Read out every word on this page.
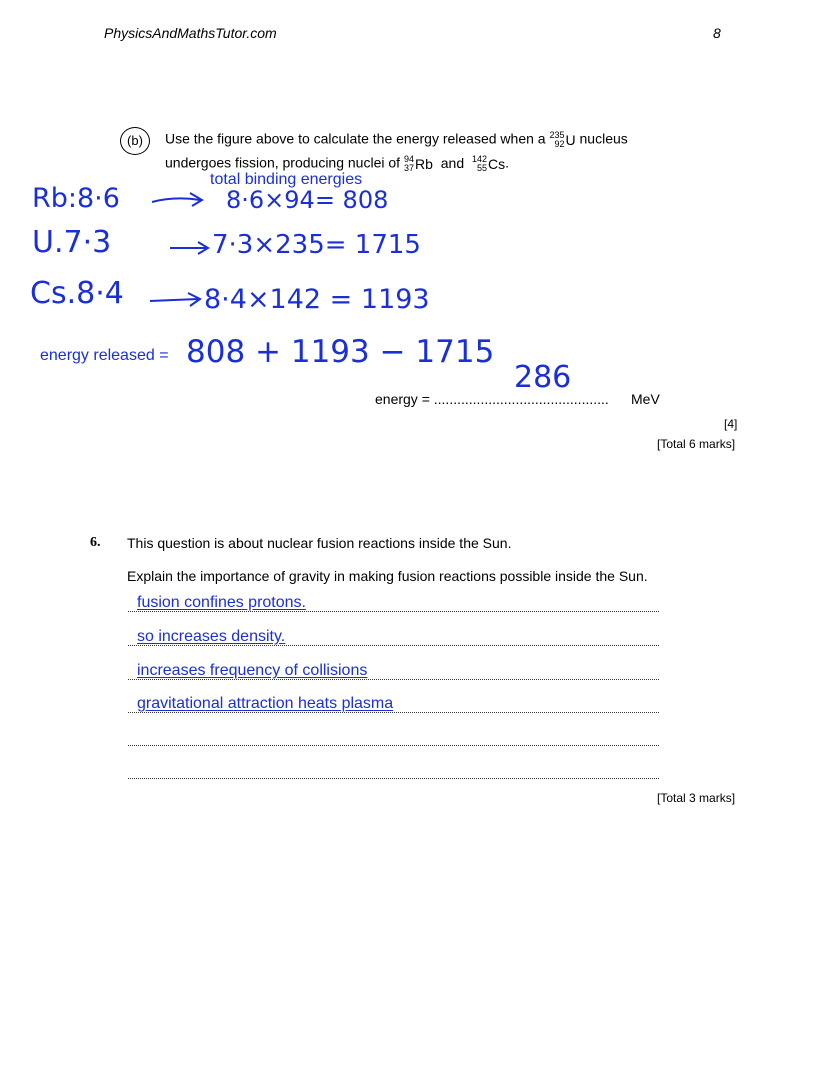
PhysicsAndMathsTutor.com	8
(b)	Use the figure above to calculate the energy released when a 235
92 U nucleus
undergoes fission, producing nuclei of 94
37 Rb and 142
55 Cs.
total binding energies
Rb:8·6	8·6×94= 808
U.7·3	7·3×235= 1715
Cs.8·4	8·4×142 = 1193
energy released = 808 + 1193 − 1715
energy = .............................................
286
MeV
[4]
[Total 6 marks]
6. This question is about nuclear fusion reactions inside the Sun.
Explain the importance of gravity in making fusion reactions possible inside the Sun.
fusion confines protons.
so increases density.
increases frequency of collisions
gravitational attraction heats plasma
[Total 3 marks]
